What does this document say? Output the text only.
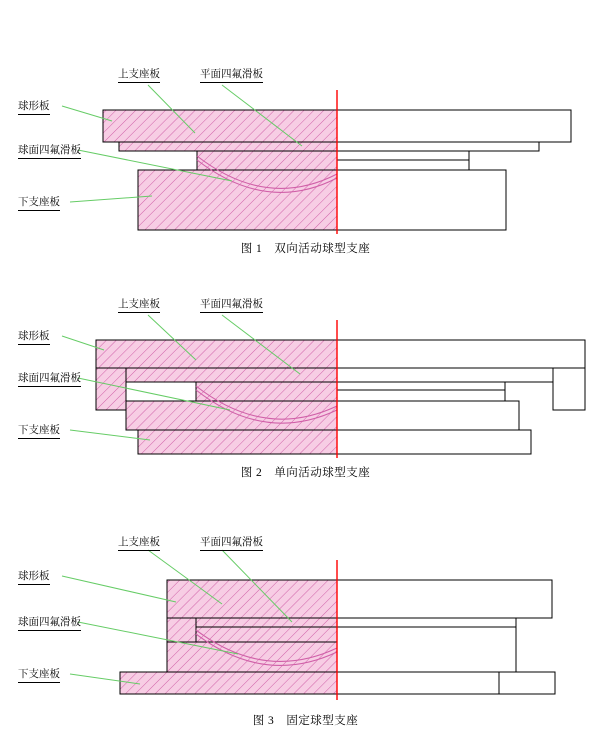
上支座板	平面四氟滑板
球形板
球面四氟滑板
下支座板
图 1 双向活动球型支座
上支座板	平面四氟滑板
球形板
球面四氟滑板
下支座板
图 2 单向活动球型支座
上支座板	平面四氟滑板
球形板
球面四氟滑板
下支座板
图 3 固定球型支座
